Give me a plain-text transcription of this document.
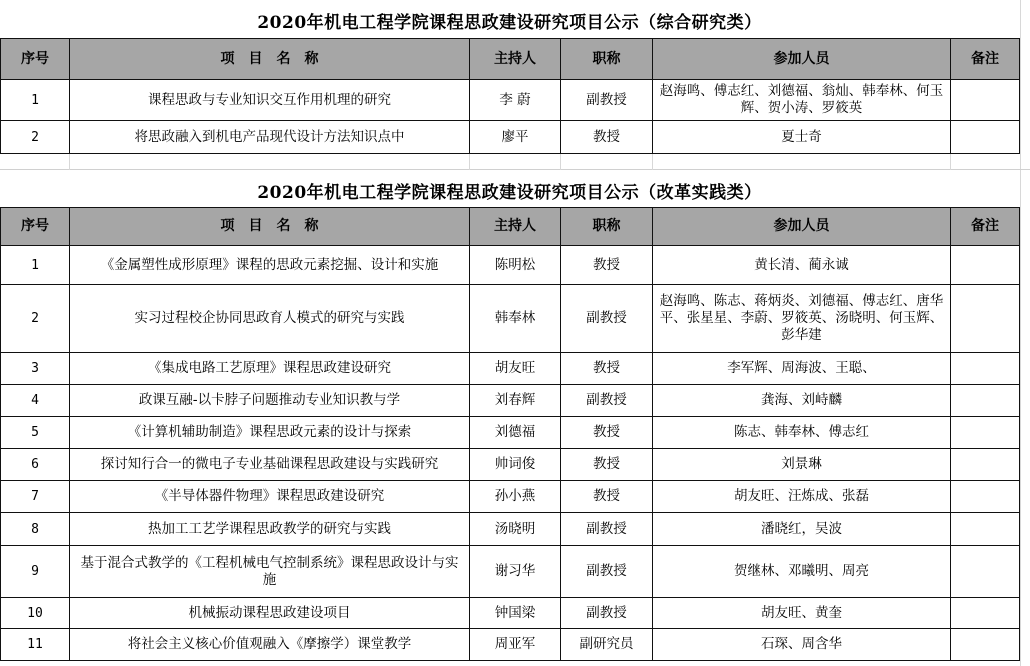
2020年机电工程学院课程思政建设研究项目公示（综合研究类）
序号	项　目　名　称	主持人	职称	参加人员	备注
1	课程思政与专业知识交互作用机理的研究	李 蔚	副教授	赵海鸣、傅志红、刘德福、翁灿、韩奉林、何玉辉、贺小涛、罗筱英	
2	将思政融入到机电产品现代设计方法知识点中	廖平	教授	夏士奇	
2020年机电工程学院课程思政建设研究项目公示（改革实践类）
序号	项　目　名　称	主持人	职称	参加人员	备注
1	《金属塑性成形原理》课程的思政元素挖掘、设计和实施	陈明松	教授	黄长清、蔺永诚	
2	实习过程校企协同思政育人模式的研究与实践	韩奉林	副教授	赵海鸣、陈志、蒋炳炎、刘德福、傅志红、唐华平、张星星、李蔚、罗筱英、汤晓明、何玉辉、彭华建	
3	《集成电路工艺原理》课程思政建设研究	胡友旺	教授	李军辉、周海波、王聪、	
4	政课互融-以卡脖子问题推动专业知识教与学	刘春辉	副教授	龚海、刘峙麟	
5	《计算机辅助制造》课程思政元素的设计与探索	刘德福	教授	陈志、韩奉林、傅志红	
6	探讨知行合一的微电子专业基础课程思政建设与实践研究	帅词俊	教授	刘景琳	
7	《半导体器件物理》课程思政建设研究	孙小燕	教授	胡友旺、汪炼成、张磊	
8	热加工工艺学课程思政教学的研究与实践	汤晓明	副教授	潘晓红，吴波	
9	基于混合式教学的《工程机械电气控制系统》课程思政设计与实施	谢习华	副教授	贺继林、邓曦明、周亮	
10	机械振动课程思政建设项目	钟国梁	副教授	胡友旺、黄奎	
11	将社会主义核心价值观融入《摩擦学）课堂教学	周亚军	副研究员	石琛、周含华	
